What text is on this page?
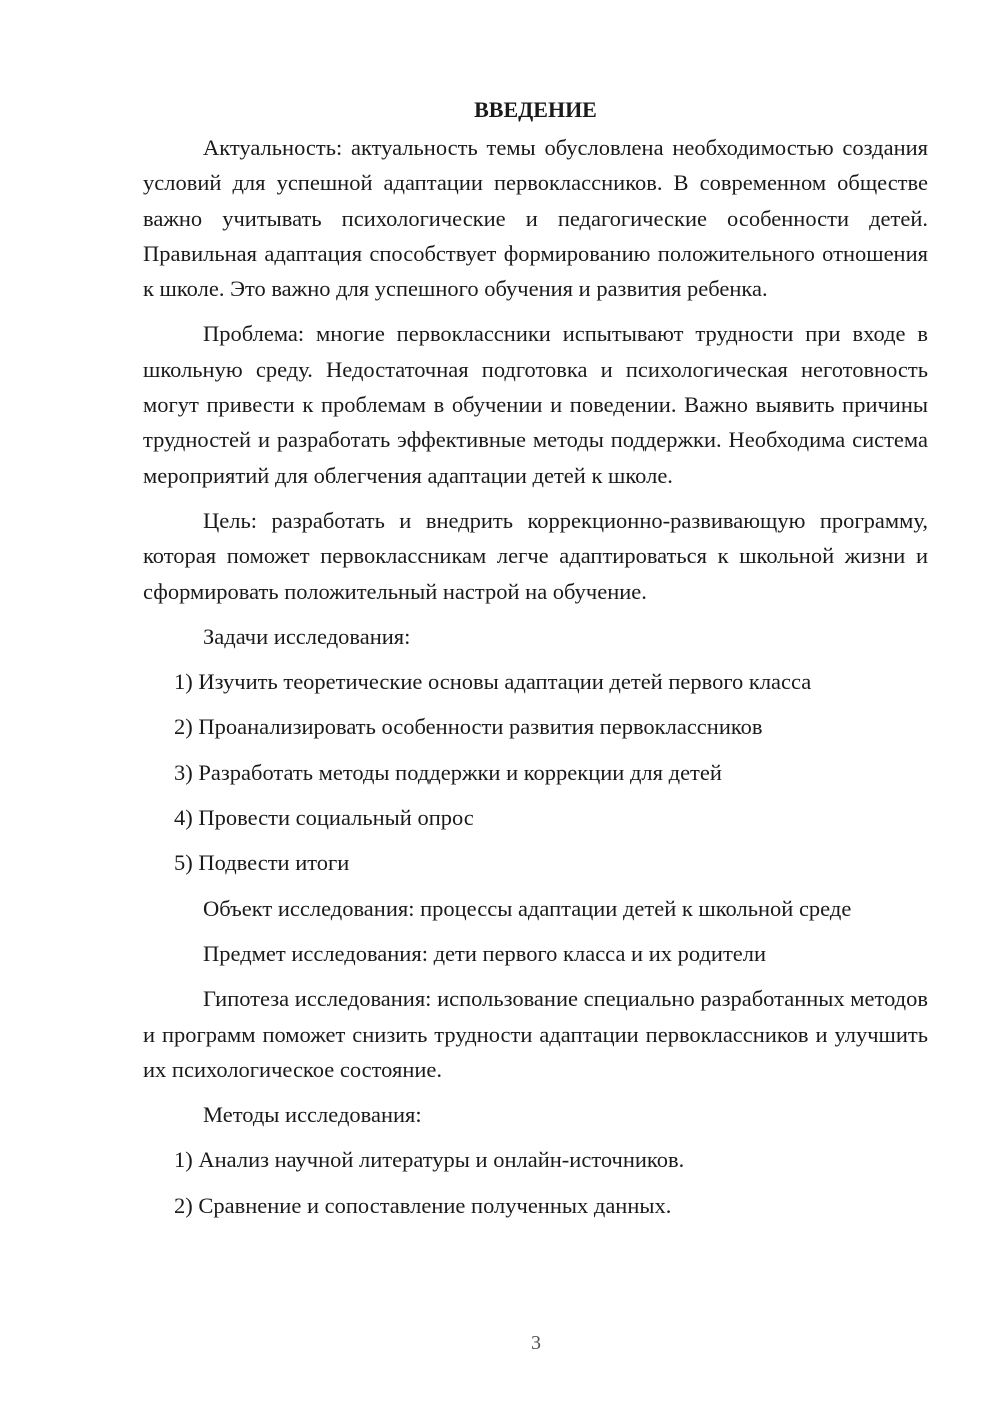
ВВЕДЕНИЕ

Актуальность: актуальность темы обусловлена необходимостью создания условий для успешной адаптации первоклассников. В современном обществе важно учитывать психологические и педагогические особенности детей. Правильная адаптация способствует формированию положительного отношения к школе. Это важно для успешного обучения и развития ребенка.

Проблема: многие первоклассники испытывают трудности при входе в школьную среду. Недостаточная подготовка и психологическая неготовность могут привести к проблемам в обучении и поведении. Важно выявить причины трудностей и разработать эффективные методы поддержки. Необходима система мероприятий для облегчения адаптации детей к школе.

Цель: разработать и внедрить коррекционно-развивающую программу, которая поможет первоклассникам легче адаптироваться к школьной жизни и сформировать положительный настрой на обучение.

Задачи исследования:

1) Изучить теоретические основы адаптации детей первого класса

2) Проанализировать особенности развития первоклассников

3) Разработать методы поддержки и коррекции для детей

4) Провести социальный опрос

5) Подвести итоги

Объект исследования: процессы адаптации детей к школьной среде

Предмет исследования: дети первого класса и их родители

Гипотеза исследования: использование специально разработанных методов и программ поможет снизить трудности адаптации первоклассников и улучшить их психологическое состояние.

Методы исследования:

1) Анализ научной литературы и онлайн-источников.

2) Сравнение и сопоставление полученных данных.

3
